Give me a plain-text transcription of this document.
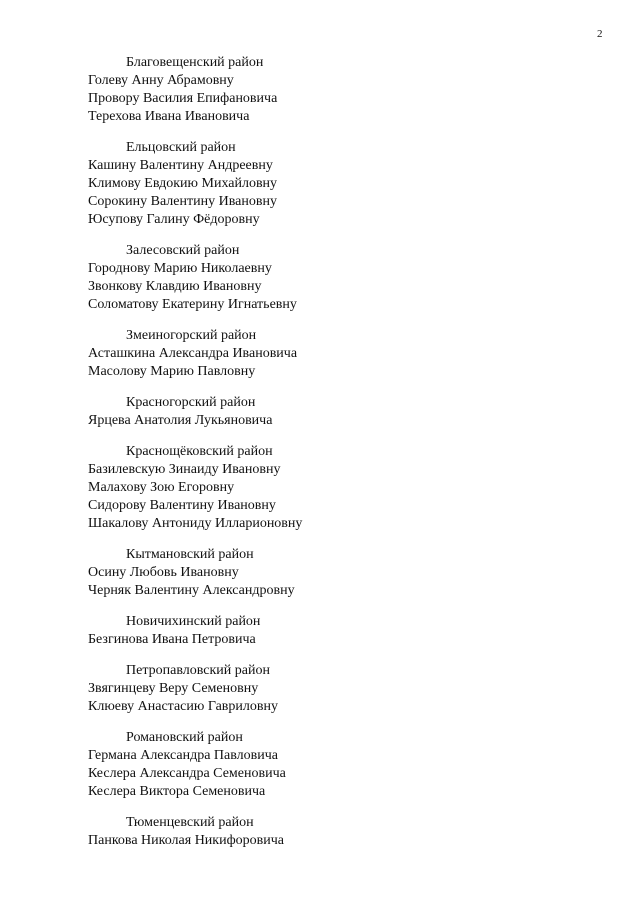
2
Благовещенский район
Голеву Анну Абрамовну
Провору Василия Епифановича
Терехова Ивана Ивановича
Ельцовский район
Кашину Валентину Андреевну
Климову Евдокию Михайловну
Сорокину Валентину Ивановну
Юсупову Галину Фёдоровну
Залесовский район
Городнову Марию Николаевну
Звонкову Клавдию Ивановну
Соломатову Екатерину Игнатьевну
Змеиногорский район
Асташкина Александра Ивановича
Масолову Марию Павловну
Красногорский район
Ярцева Анатолия Лукьяновича
Краснощёковский район
Базилевскую Зинаиду Ивановну
Малахову Зою Егоровну
Сидорову Валентину Ивановну
Шакалову Антониду Илларионовну
Кытмановский район
Осину Любовь Ивановну
Черняк Валентину Александровну
Новичихинский район
Безгинова Ивана Петровича
Петропавловский район
Звягинцеву Веру Семеновну
Клюеву Анастасию Гавриловну
Романовский район
Германа Александра Павловича
Кеслера Александра Семеновича
Кеслера Виктора Семеновича
Тюменцевский район
Панкова Николая Никифоровича
